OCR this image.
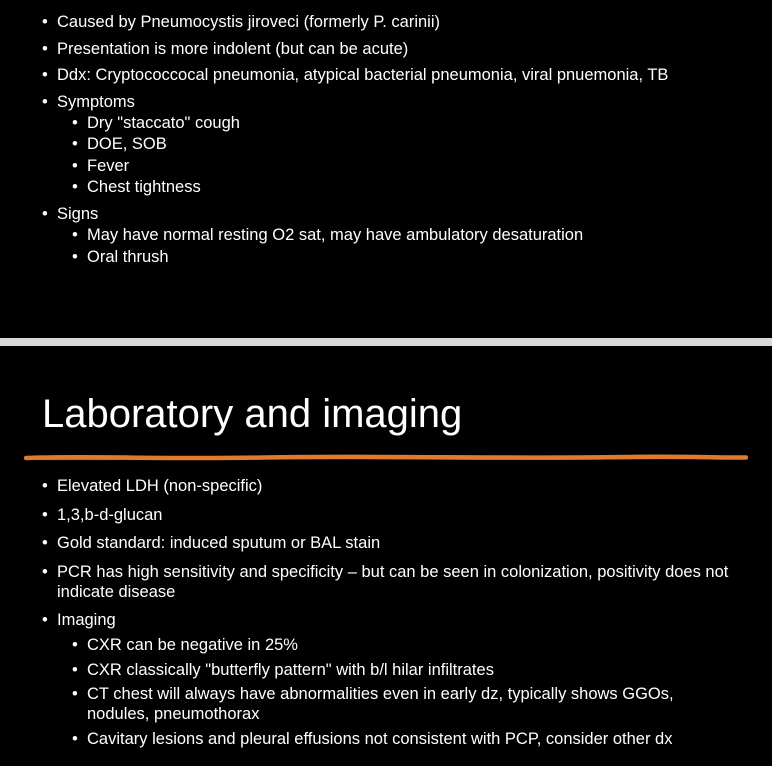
• Caused by Pneumocystis jiroveci (formerly P. carinii)
• Presentation is more indolent (but can be acute)
• Ddx: Cryptococcocal pneumonia, atypical bacterial pneumonia, viral pnuemonia, TB
• Symptoms
• Dry "staccato" cough
• DOE, SOB
• Fever
• Chest tightness
• Signs
• May have normal resting O2 sat, may have ambulatory desaturation
• Oral thrush
Laboratory and imaging
• Elevated LDH (non-specific)
• 1,3,b-d-glucan
• Gold standard: induced sputum or BAL stain
• PCR has high sensitivity and specificity – but can be seen in colonization, positivity does not indicate disease
• Imaging
• CXR can be negative in 25%
• CXR classically "butterfly pattern" with b/l hilar infiltrates
• CT chest will always have abnormalities even in early dz, typically shows GGOs, nodules, pneumothorax
• Cavitary lesions and pleural effusions not consistent with PCP, consider other dx
